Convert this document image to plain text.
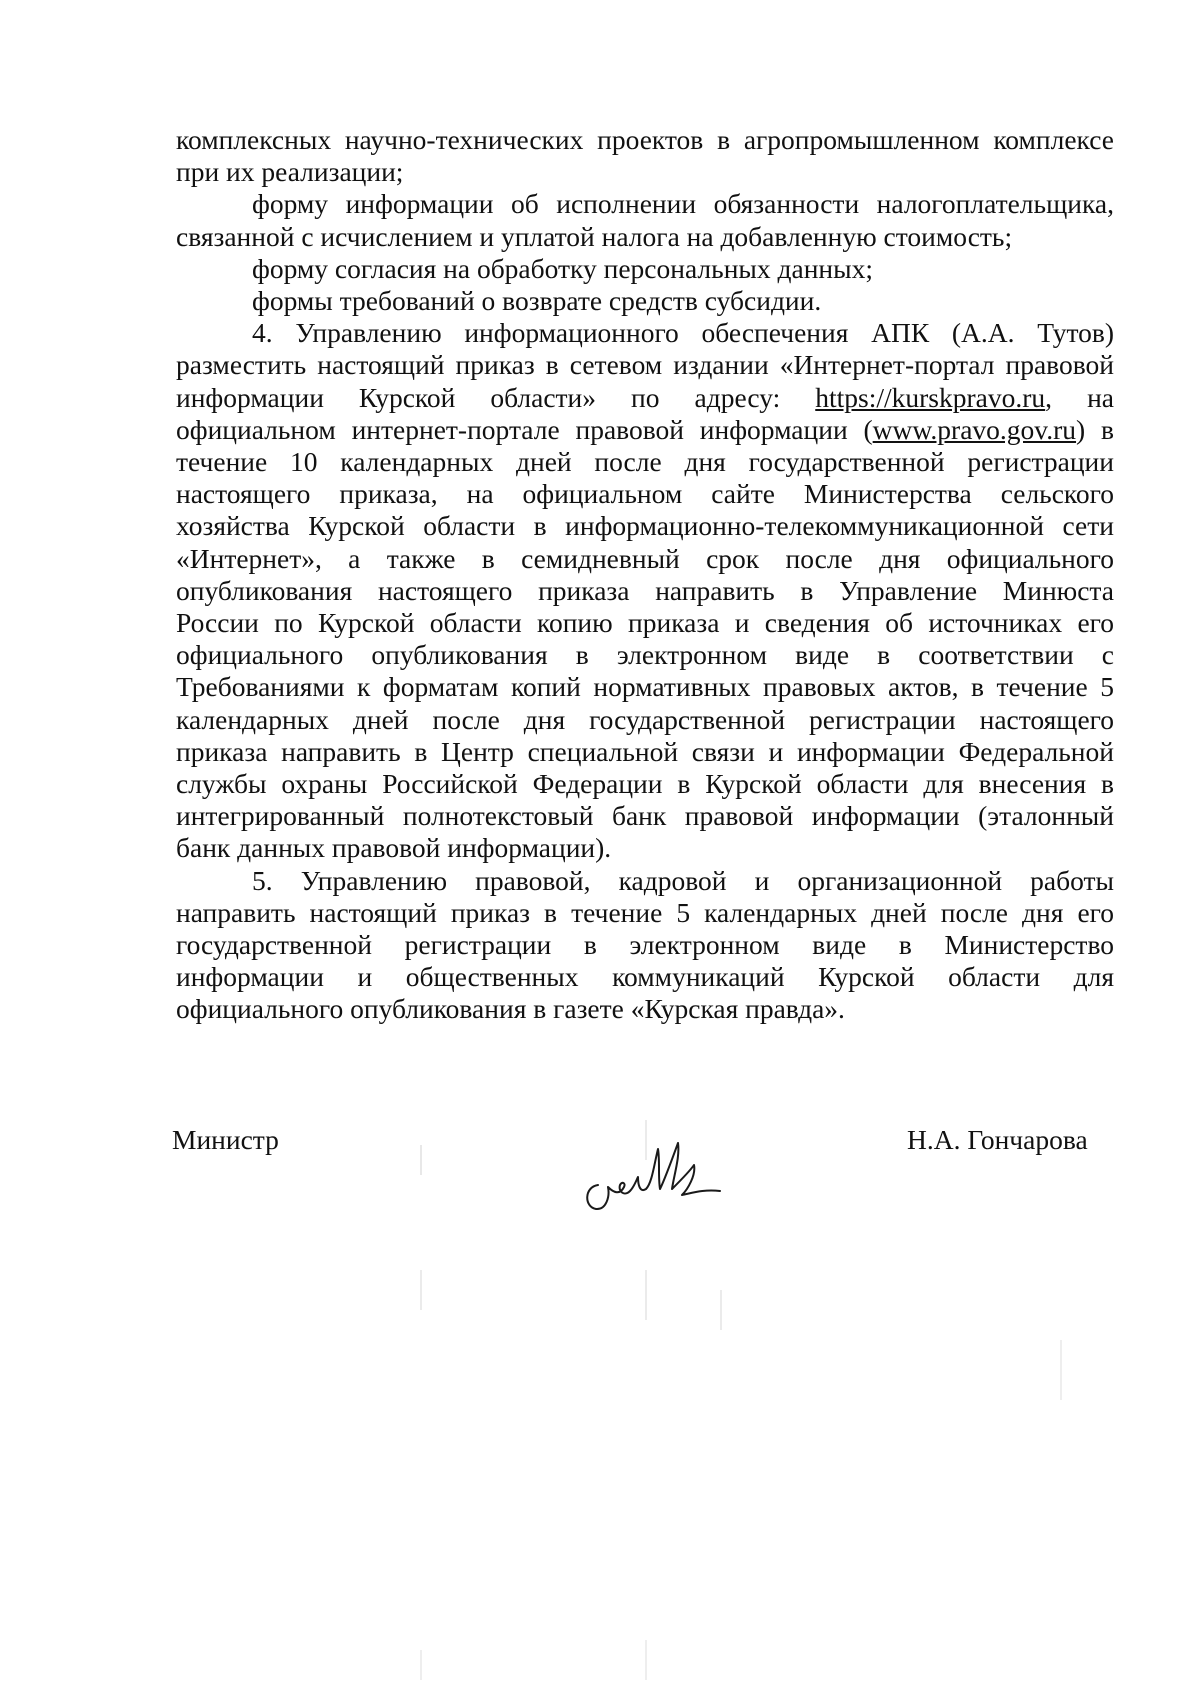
комплексных научно-технических проектов в агропромышленном комплексе
при их реализации;
форму информации об исполнении обязанности налогоплательщика,
связанной с исчислением и уплатой налога на добавленную стоимость;
форму согласия на обработку персональных данных;
формы требований о возврате средств субсидии.
4. Управлению информационного обеспечения АПК (А.А. Тутов)
разместить настоящий приказ в сетевом издании «Интернет-портал правовой
информации Курской области» по адресу: https://kurskpravo.ru, на
официальном интернет-портале правовой информации (www.pravo.gov.ru) в
течение 10 календарных дней после дня государственной регистрации
настоящего приказа, на официальном сайте Министерства сельского
хозяйства Курской области в информационно-телекоммуникационной сети
«Интернет», а также в семидневный срок после дня официального
опубликования настоящего приказа направить в Управление Минюста
России по Курской области копию приказа и сведения об источниках его
официального опубликования в электронном виде в соответствии с
Требованиями к форматам копий нормативных правовых актов, в течение 5
календарных дней после дня государственной регистрации настоящего
приказа направить в Центр специальной связи и информации Федеральной
службы охраны Российской Федерации в Курской области для внесения в
интегрированный полнотекстовый банк правовой информации (эталонный
банк данных правовой информации).
5. Управлению правовой, кадровой и организационной работы
направить настоящий приказ в течение 5 календарных дней после дня его
государственной регистрации в электронном виде в Министерство
информации и общественных коммуникаций Курской области для
официального опубликования в газете «Курская правда».
Министр	Н.А. Гончарова
